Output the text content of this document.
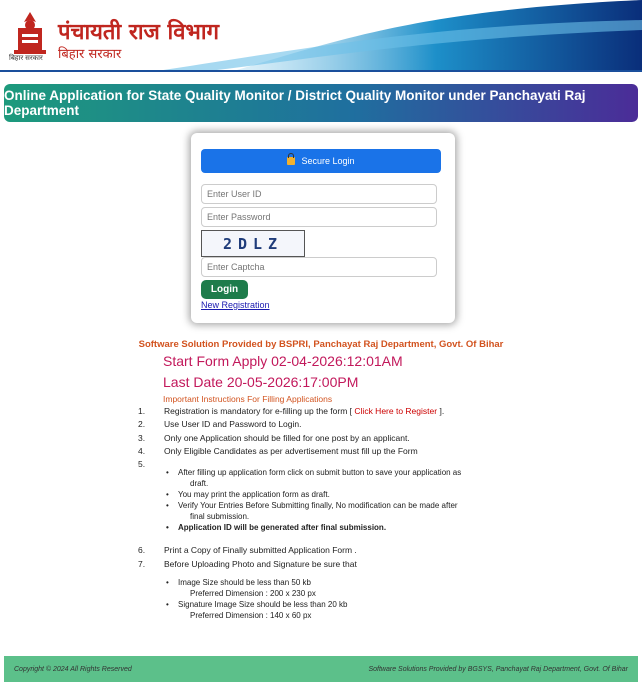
बिहार सरकार
पंचायती राज विभाग
बिहार सरकार
Online Application for State Quality Monitor / District Quality Monitor under Panchayati Raj Department
Secure Login
Enter User ID
2DLZ
Enter Captcha
Login
New Registration
Software Solution Provided by BSPRI, Panchayat Raj Department, Govt. Of Bihar
Start Form Apply 02-04-2026:12:01AM
Last Date 20-05-2026:17:00PM
Important Instructions For Filling Applications
1. Registration is mandatory for e-filling up the form [ Click Here to Register ].
2. Use User ID and Password to Login.
3. Only one Application should be filled for one post by an applicant.
4. Only Eligible Candidates as per advertisement must fill up the Form
5.
• After filling up application form click on submit button to save your application as
draft.
• You may print the application form as draft.
• Verify Your Entries Before Submitting finally, No modification can be made after
final submission.
• Application ID will be generated after final submission.
6. Print a Copy of Finally submitted Application Form .
7. Before Uploading Photo and Signature be sure that
• Image Size should be less than 50 kb
Preferred Dimension : 200 x 230 px
• Signature Image Size should be less than 20 kb
Preferred Dimension : 140 x 60 px
Copyright © 2024 All Rights Reserved	Software Solutions Provided by BGSYS, Panchayat Raj Department, Govt. Of Bihar
